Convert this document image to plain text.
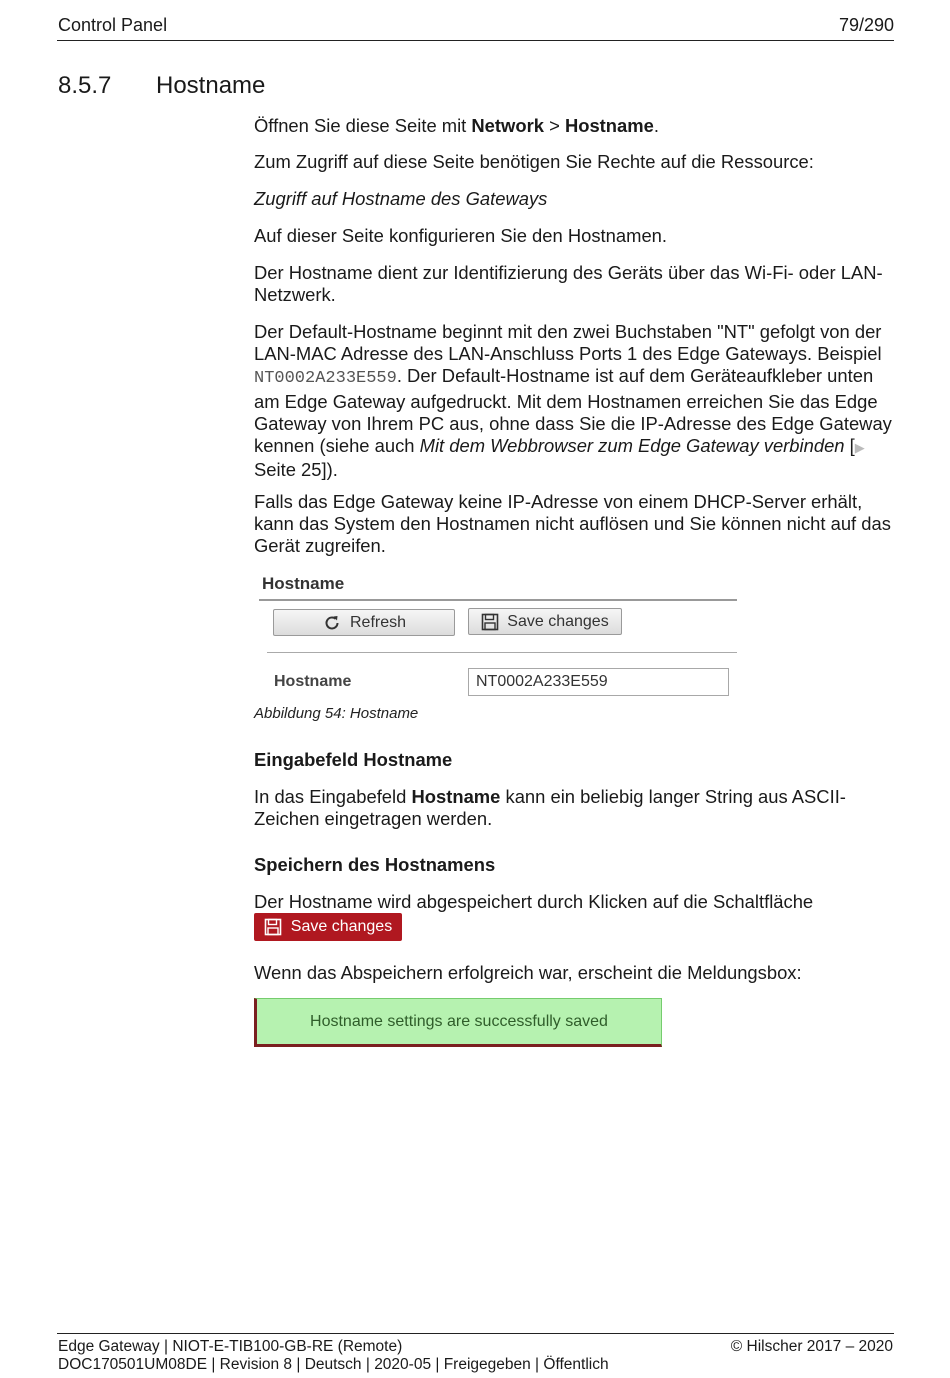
Control Panel	79/290
8.5.7 Hostname

Öffnen Sie diese Seite mit Network > Hostname.

Zum Zugriff auf diese Seite benötigen Sie Rechte auf die Ressource:
Zugriff auf Hostname des Gateways
Auf dieser Seite konfigurieren Sie den Hostnamen.
Der Hostname dient zur Identifizierung des Geräts über das Wi-Fi- oder LAN-Netzwerk.

Der Default-Hostname beginnt mit den zwei Buchstaben "NT" gefolgt von der LAN-MAC Adresse des LAN-Anschluss Ports 1 des Edge Gateways. Beispiel NT0002A233E559. Der Default-Hostname ist auf dem Geräteaufkleber unten am Edge Gateway aufgedruckt. Mit dem Hostnamen erreichen Sie das Edge Gateway von Ihrem PC aus, ohne dass Sie die IP-Adresse des Edge Gateway kennen (siehe auch Mit dem Webbrowser zum Edge Gateway verbinden [▶ Seite 25]).

Falls das Edge Gateway keine IP-Adresse von einem DHCP-Server erhält, kann das System den Hostnamen nicht auflösen und Sie können nicht auf das Gerät zugreifen.
Hostname
Refresh	Save changes
Hostname	NT0002A233E559
Abbildung 54: Hostname
Eingabefeld Hostname

In das Eingabefeld Hostname kann ein beliebig langer String aus ASCII-Zeichen eingetragen werden.

Speichern des Hostnamens
Der Hostname wird abgespeichert durch Klicken auf die Schaltfläche
Save changes
Wenn das Abspeichern erfolgreich war, erscheint die Meldungsbox:
Hostname settings are successfully saved
Edge Gateway | NIOT-E-TIB100-GB-RE (Remote)
DOC170501UM08DE | Revision 8 | Deutsch | 2020-05 | Freigegeben | Öffentlich
© Hilscher 2017 – 2020
